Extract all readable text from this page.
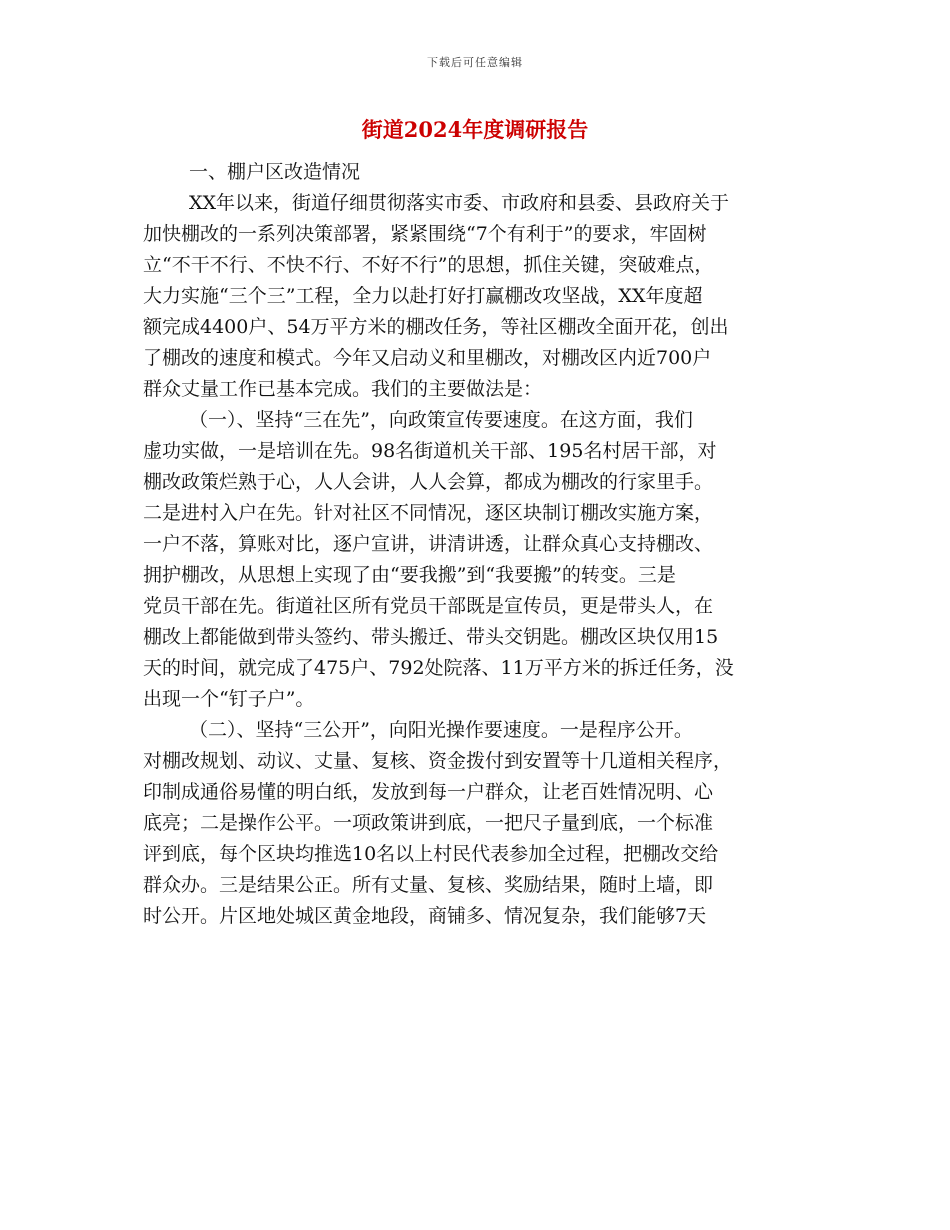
下载后可任意编辑
街道2024年度调研报告
一、棚户区改造情况
XX年以来，街道仔细贯彻落实市委、市政府和县委、县政府关于
加快棚改的一系列决策部署，紧紧围绕“7个有利于”的要求，牢固树
立“不干不行、不快不行、不好不行”的思想，抓住关键，突破难点，
大力实施“三个三”工程，全力以赴打好打赢棚改攻坚战，XX年度超
额完成4400户、54万平方米的棚改任务，等社区棚改全面开花，创出
了棚改的速度和模式。今年又启动义和里棚改，对棚改区内近700户
群众丈量工作已基本完成。我们的主要做法是：
（一）、坚持“三在先”，向政策宣传要速度。在这方面，我们
虚功实做，一是培训在先。98名街道机关干部、195名村居干部，对
棚改政策烂熟于心，人人会讲，人人会算，都成为棚改的行家里手。
二是进村入户在先。针对社区不同情况，逐区块制订棚改实施方案，
一户不落，算账对比，逐户宣讲，讲清讲透，让群众真心支持棚改、
拥护棚改，从思想上实现了由“要我搬”到“我要搬”的转变。三是
党员干部在先。街道社区所有党员干部既是宣传员，更是带头人，在
棚改上都能做到带头签约、带头搬迁、带头交钥匙。棚改区块仅用15
天的时间，就完成了475户、792处院落、11万平方米的拆迁任务，没
出现一个“钉子户”。
（二）、坚持“三公开”，向阳光操作要速度。一是程序公开。
对棚改规划、动议、丈量、复核、资金拨付到安置等十几道相关程序，
印制成通俗易懂的明白纸，发放到每一户群众，让老百姓情况明、心
底亮；二是操作公平。一项政策讲到底，一把尺子量到底，一个标准
评到底，每个区块均推选10名以上村民代表参加全过程，把棚改交给
群众办。三是结果公正。所有丈量、复核、奖励结果，随时上墙，即
时公开。片区地处城区黄金地段，商铺多、情况复杂，我们能够7天
